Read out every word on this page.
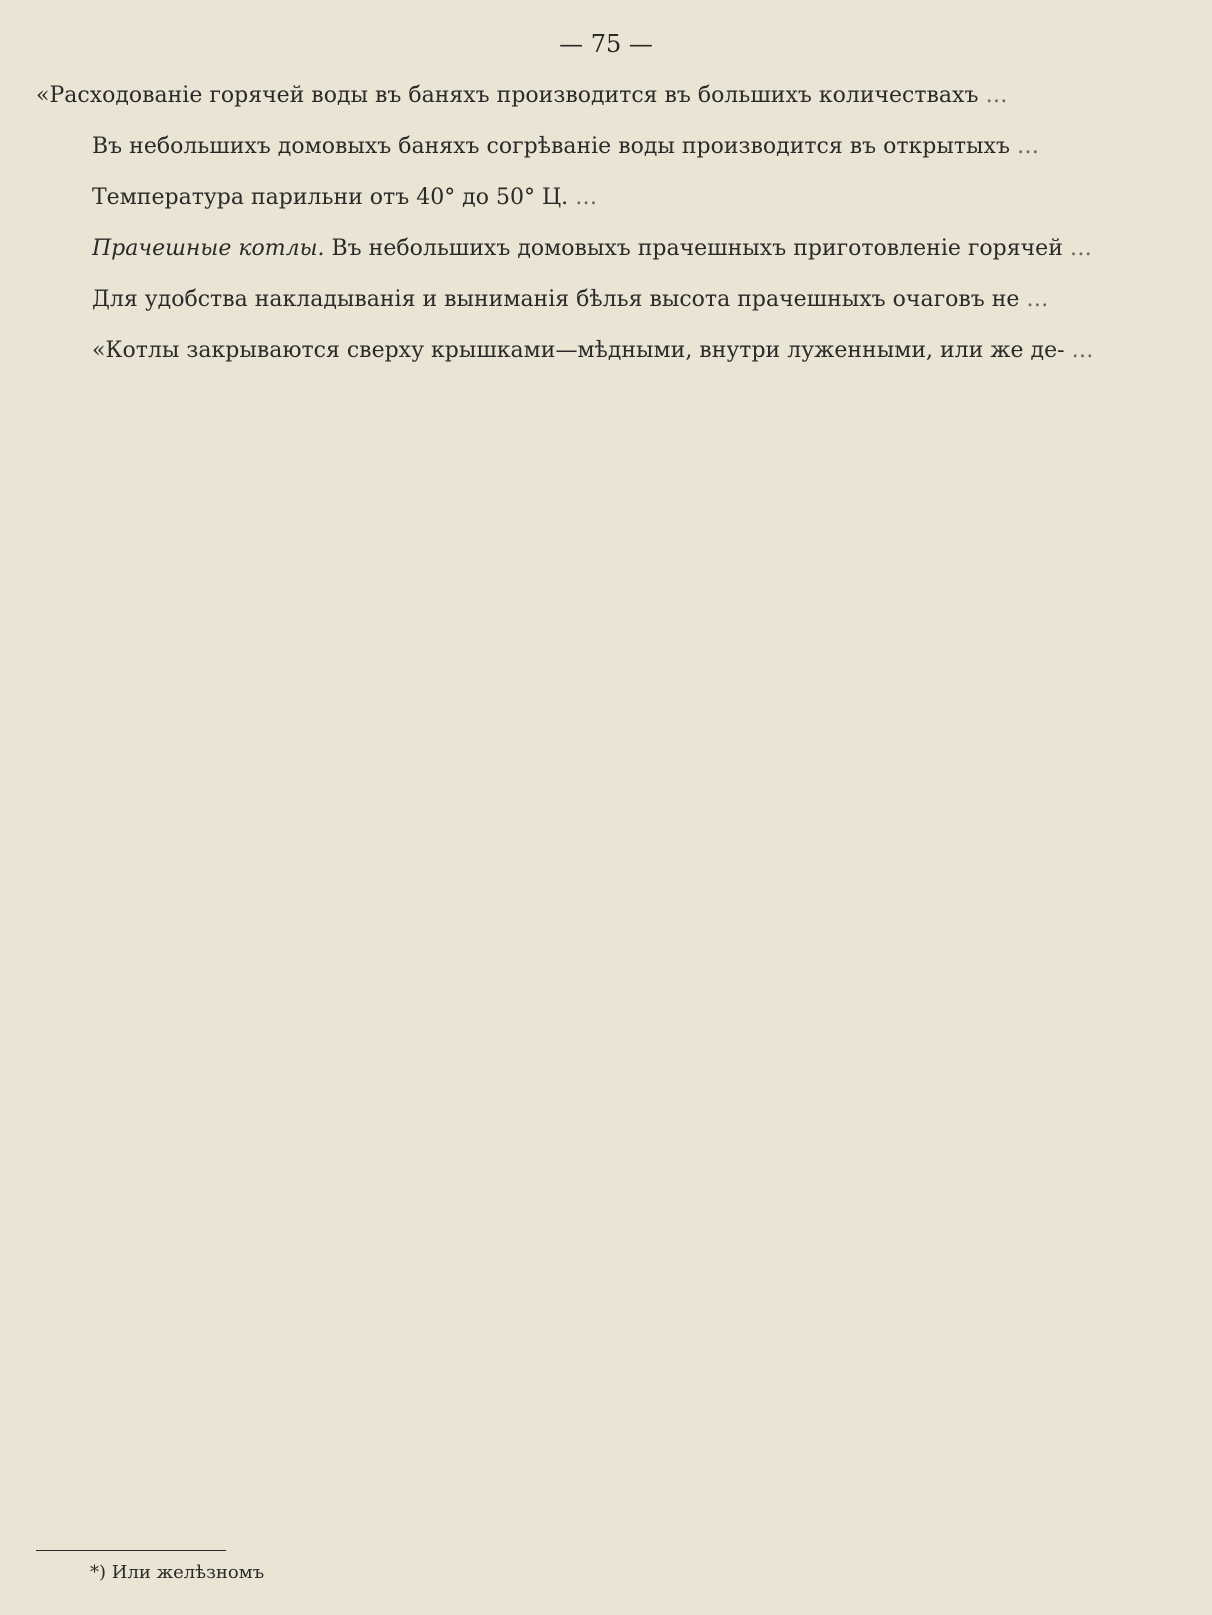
— 75 —

«Расходованіе горячей воды въ баняхъ производится въ большихъ количествахъ …

Въ небольшихъ домовыхъ баняхъ согрѣваніе воды производится въ открытыхъ …

Температура парильни отъ 40° до 50° Ц. …

Прачешные котлы. Въ небольшихъ домовыхъ прачешныхъ приготовленіе горячей …

Для удобства накладыванія и выниманія бѣлья высота прачешныхъ очаговъ не …

«Котлы закрываются сверху крышками—мѣдными, внутри луженными, или же де- …

*) Или желѣзномъ
